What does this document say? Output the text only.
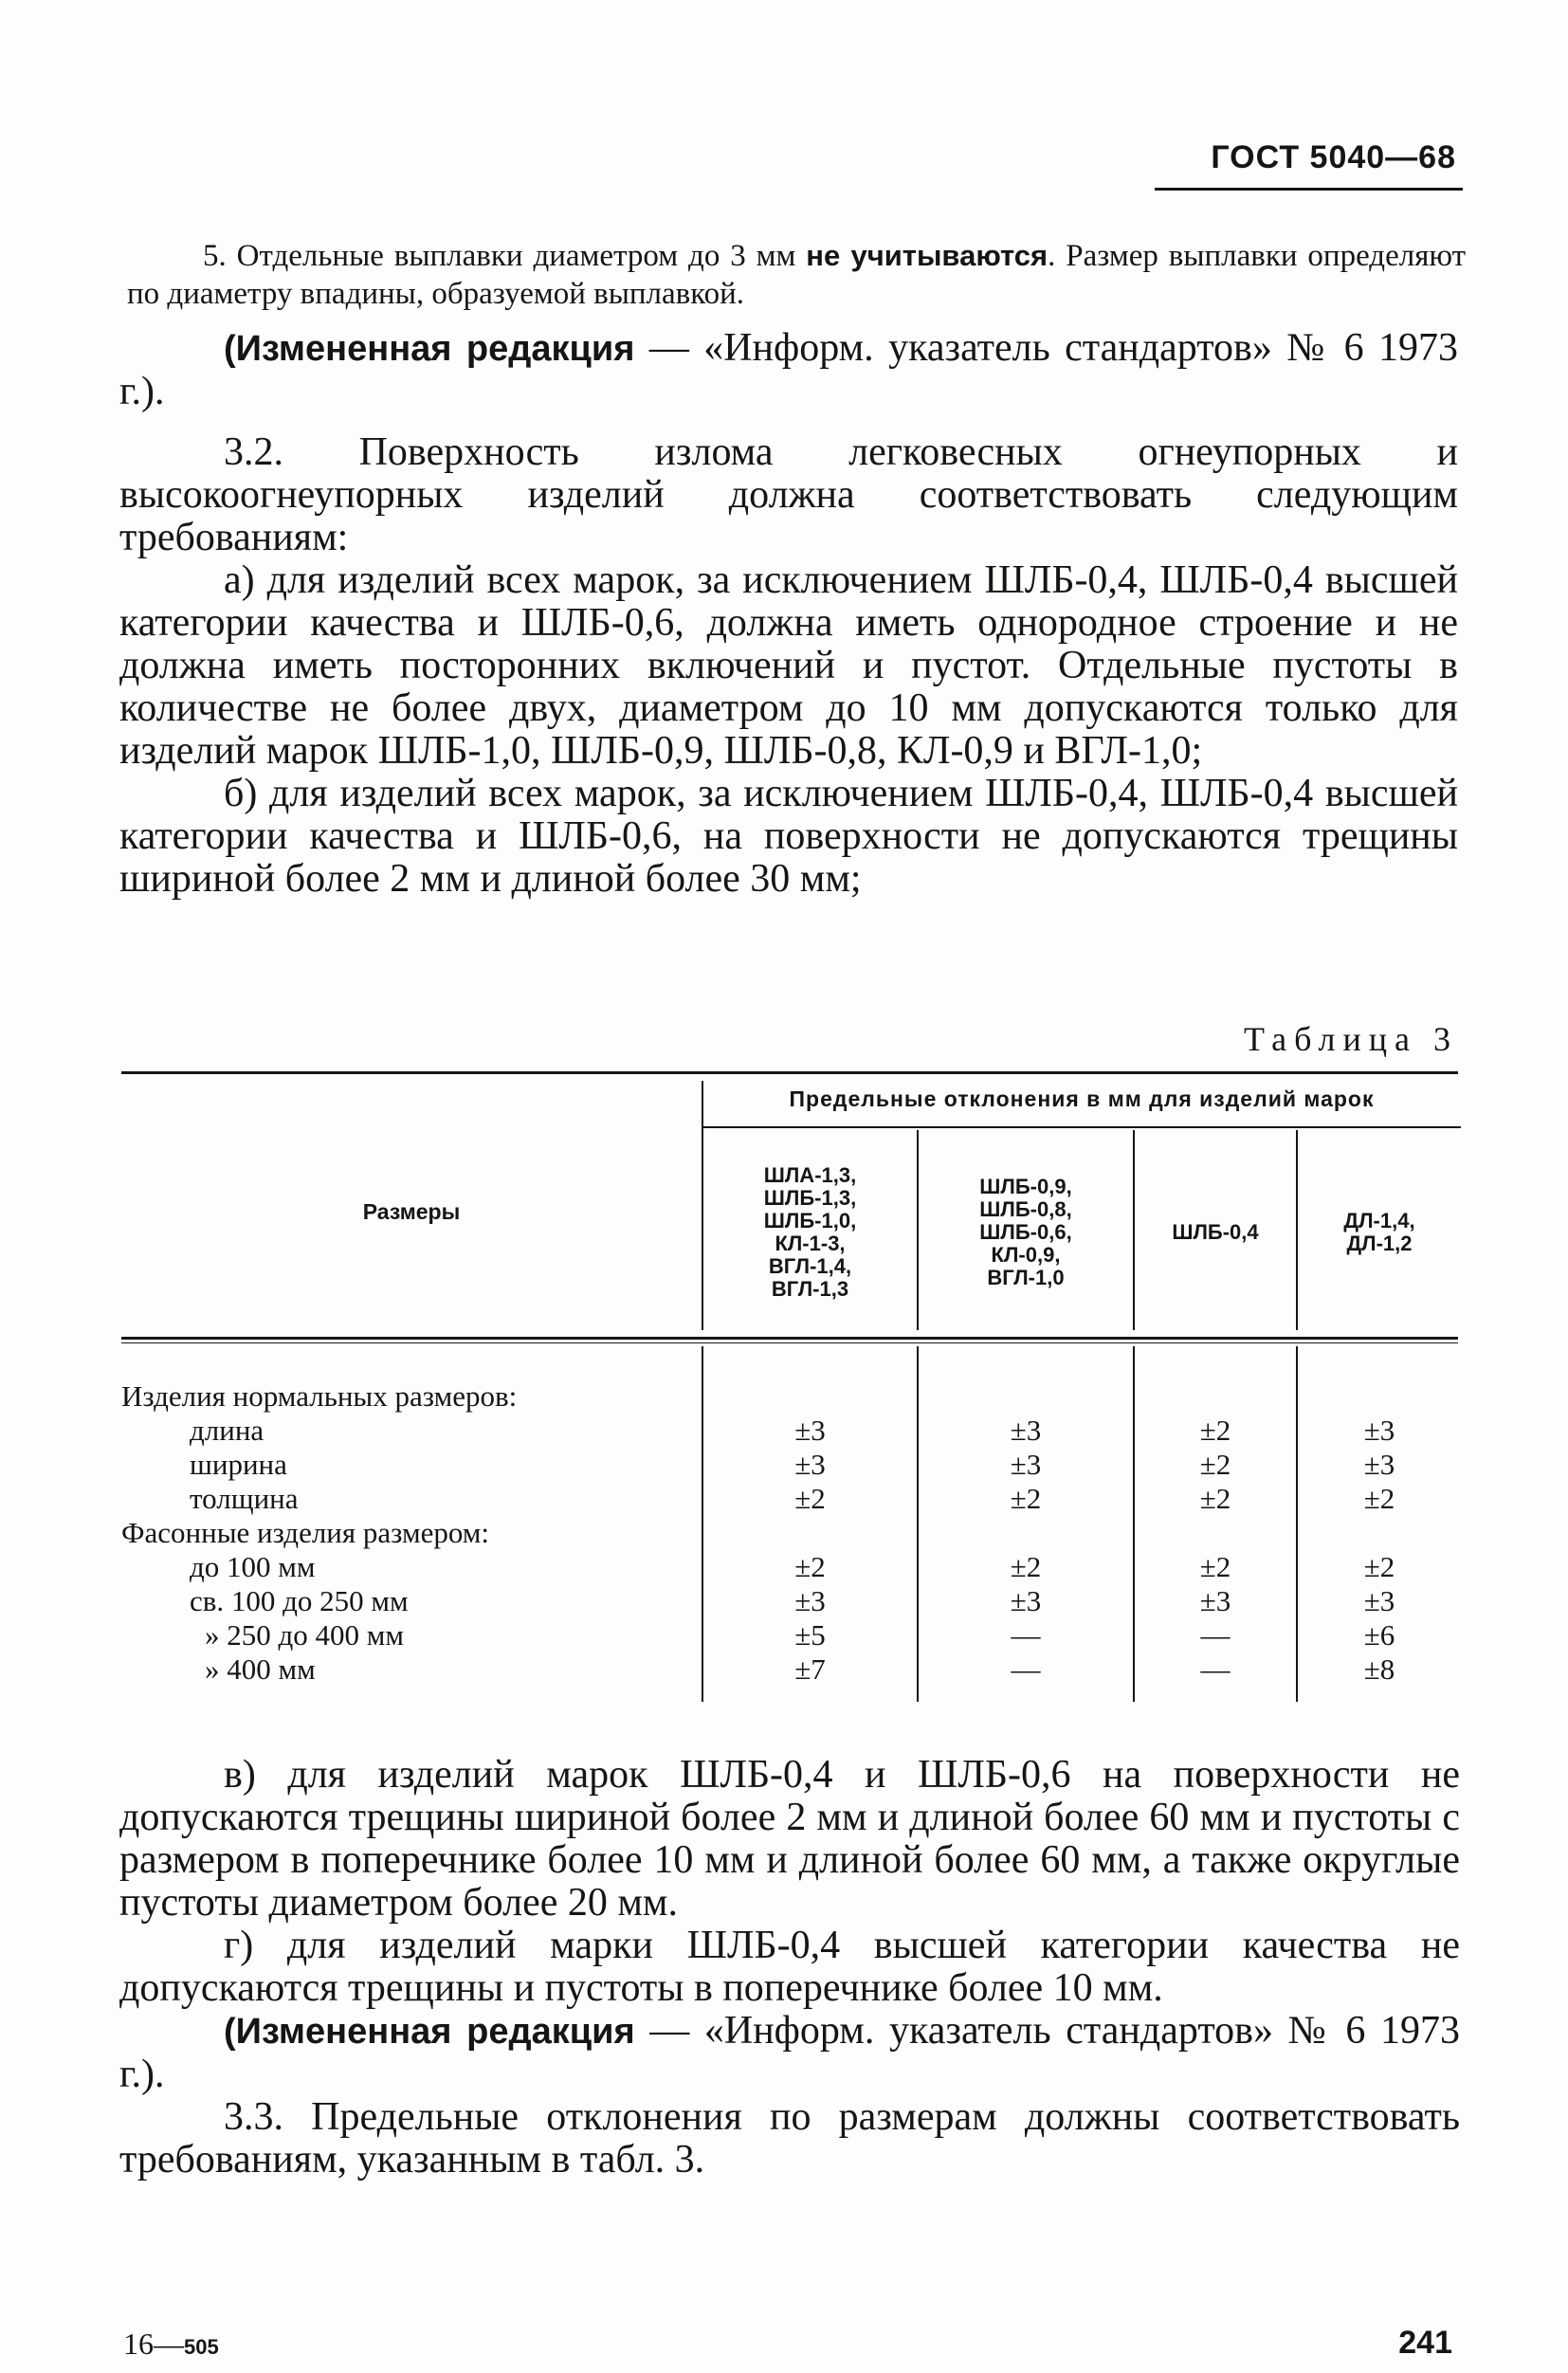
ГОСТ 5040—68
5. Отдельные выплавки диаметром до 3 мм не учитываются. Размер выплавки определяют по диаметру впадины, образуемой выплавкой.

(Измененная редакция — «Информ. указатель стандартов» № 6 1973 г.).

3.2. Поверхность излома легковесных огнеупорных и высокоогнеупорных изделий должна соответствовать следующим требованиям:

а) для изделий всех марок, за исключением ШЛБ-0,4, ШЛБ-0,4 высшей категории качества и ШЛБ-0,6, должна иметь однородное строение и не должна иметь посторонних включений и пустот. Отдельные пустоты в количестве не более двух, диаметром до 10 мм допускаются только для изделий марок ШЛБ-1,0, ШЛБ-0,9, ШЛБ-0,8, КЛ-0,9 и ВГЛ-1,0;

б) для изделий всех марок, за исключением ШЛБ-0,4, ШЛБ-0,4 высшей категории качества и ШЛБ-0,6, на поверхности не допускаются трещины шириной более 2 мм и длиной более 30 мм;

Таблица 3
Предельные отклонения в мм для изделий марок
Размеры
ШЛА-1,3,
ШЛБ-1,3,
ШЛБ-1,0,
КЛ-1-3,
ВГЛ-1,4,
ВГЛ-1,3
ШЛБ-0,9,
ШЛБ-0,8,
ШЛБ-0,6,
КЛ-0,9,
ВГЛ-1,0
ШЛБ-0,4	ДЛ-1,4,
ДЛ-1,2
Изделия нормальных размеров:
длина
ширина
толщина
Фасонные изделия размером:
до 100 мм
св. 100 до 250 мм
» 250 до 400 мм
» 400 мм
±3
±3
±2
±2
±3
±5
±7
±3
±3
±2
±2
±3
—
—
±2
±2
±2
±2
±3
—
—
±3
±3
±2
±2
±3
±6
±8

в) для изделий марок ШЛБ-0,4 и ШЛБ-0,6 на поверхности не допускаются трещины шириной более 2 мм и длиной более 60 мм и пустоты с размером в поперечнике более 10 мм и длиной более 60 мм, а также округлые пустоты диаметром более 20 мм.

г) для изделий марки ШЛБ-0,4 высшей категории качества не допускаются трещины и пустоты в поперечнике более 10 мм.

(Измененная редакция — «Информ. указатель стандартов» № 6 1973 г.).

3.3. Предельные отклонения по размерам должны соответствовать требованиям, указанным в табл. 3.

16—505	241
